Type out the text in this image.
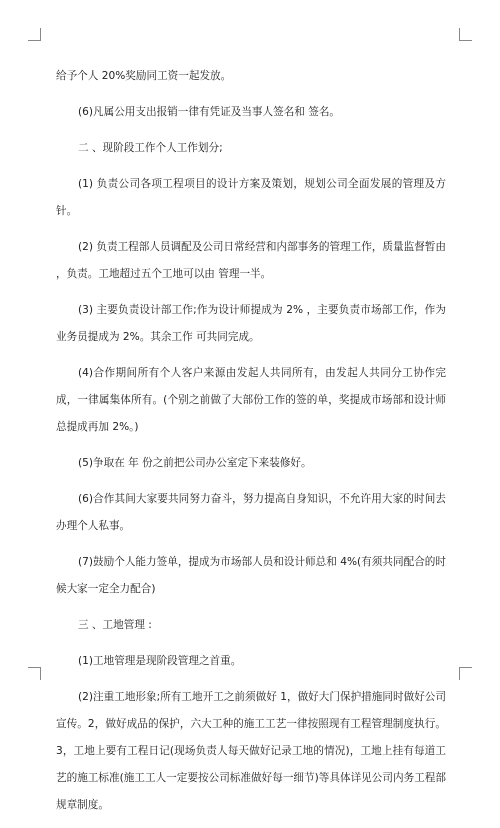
给予个人 20%奖励同工资一起发放。

(6)凡属公用支出报销一律有凭证及当事人签名和 签名。

二 、现阶段工作个人工作划分;

(1) 负责公司各项工程项目的设计方案及策划，规划公司全面发展的管理及方针。

(2) 负责工程部人员调配及公司日常经营和内部事务的管理工作，质量监督暂由 ，负责。工地超过五个工地可以由 管理一半。

(3) 主要负责设计部工作;作为设计师提成为 2% ，主要负责市场部工作，作为业务员提成为 2%。其余工作 可共同完成。

(4)合作期间所有个人客户来源由发起人共同所有，由发起人共同分工协作完成，一律属集体所有。(个别之前做了大部份工作的签的单，奖提成市场部和设计师总提成再加 2%。)

(5)争取在 年 份之前把公司办公室定下来装修好。

(6)合作其间大家要共同努力奋斗，努力提高自身知识，不允许用大家的时间去办理个人私事。

(7)鼓励个人能力签单，提成为市场部人员和设计师总和 4%(有须共同配合的时候大家一定全力配合)

三 、工地管理 :

(1)工地管理是现阶段管理之首重。

(2)注重工地形象;所有工地开工之前须做好 1，做好大门保护措施同时做好公司宣传。2，做好成品的保护，六大工种的施工工艺一律按照现有工程管理制度执行。3，工地上要有工程日记(现场负责人每天做好记录工地的情况)，工地上挂有每道工艺的施工标准(施工工人一定要按公司标准做好每一细节)等具体详见公司内务工程部规章制度。
